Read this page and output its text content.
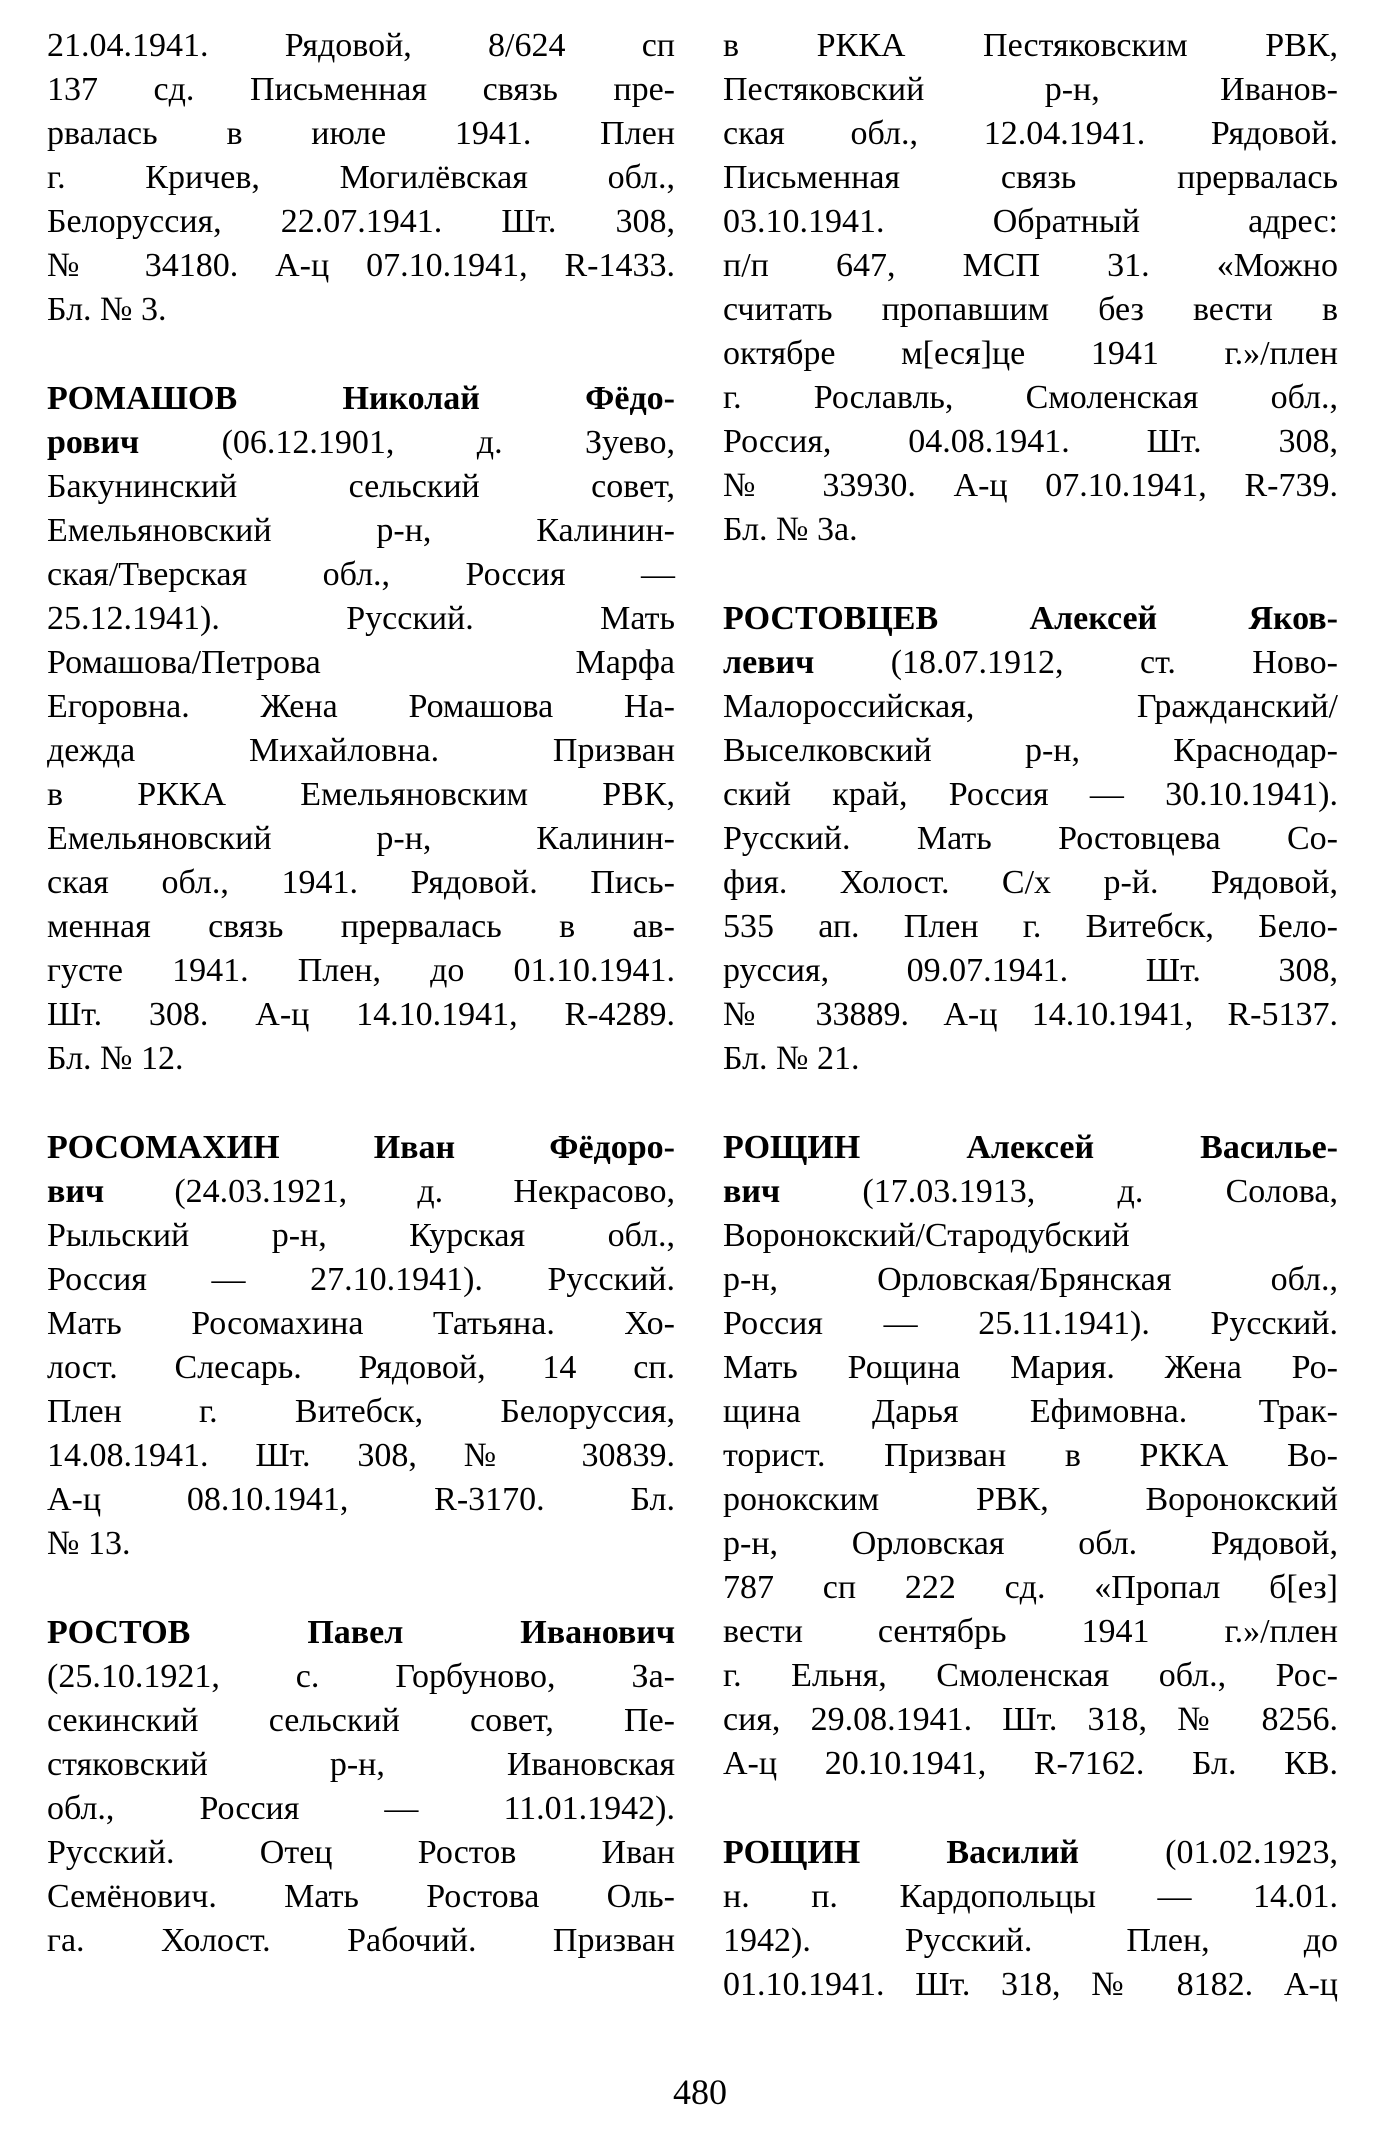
21.04.1941. Рядовой, 8/624 сп
137 сд. Письменная связь пре-
рвалась в июле 1941. Плен
г. Кричев, Могилёвская обл.,
Белоруссия, 22.07.1941. Шт. 308,
№ 34180. А-ц 07.10.1941, R-1433.
Бл. № 3.
РОМАШОВ Николай Фёдо-
рович (06.12.1901, д. Зуево,
Бакунинский сельский совет,
Емельяновский р-н, Калинин-
ская/Тверская обл., Россия —
25.12.1941). Русский. Мать
Ромашова/Петрова Марфа
Егоровна. Жена Ромашова На-
дежда Михайловна. Призван
в РККА Емельяновским РВК,
Емельяновский р-н, Калинин-
ская обл., 1941. Рядовой. Пись-
менная связь прервалась в ав-
густе 1941. Плен, до 01.10.1941.
Шт. 308. А-ц 14.10.1941, R-4289.
Бл. № 12.
РОСОМАХИН Иван Фёдоро-
вич (24.03.1921, д. Некрасово,
Рыльский р-н, Курская обл.,
Россия — 27.10.1941). Русский.
Мать Росомахина Татьяна. Хо-
лост. Слесарь. Рядовой, 14 сп.
Плен г. Витебск, Белоруссия,
14.08.1941. Шт. 308, № 30839.
А-ц 08.10.1941, R-3170. Бл.
№ 13.
РОСТОВ Павел Иванович
(25.10.1921, с. Горбуново, За-
секинский сельский совет, Пе-
стяковский р-н, Ивановская
обл., Россия — 11.01.1942).
Русский. Отец Ростов Иван
Семёнович. Мать Ростова Оль-
га. Холост. Рабочий. Призван
в РККА Пестяковским РВК,
Пестяковский р-н, Иванов-
ская обл., 12.04.1941. Рядовой.
Письменная связь прервалась
03.10.1941. Обратный адрес:
п/п 647, МСП 31. «Можно
считать пропавшим без вести в
октябре м[еся]це 1941 г.»/плен
г. Рославль, Смоленская обл.,
Россия, 04.08.1941. Шт. 308,
№ 33930. А-ц 07.10.1941, R-739.
Бл. № 3а.
РОСТОВЦЕВ Алексей Яков-
левич (18.07.1912, ст. Ново-
Малороссийская, Гражданский/
Выселковский р-н, Краснодар-
ский край, Россия — 30.10.1941).
Русский. Мать Ростовцева Со-
фия. Холост. С/х р-й. Рядовой,
535 ап. Плен г. Витебск, Бело-
руссия, 09.07.1941. Шт. 308,
№ 33889. А-ц 14.10.1941, R-5137.
Бл. № 21.
РОЩИН Алексей Василье-
вич (17.03.1913, д. Солова,
Воронокский/Стародубский
р-н, Орловская/Брянская обл.,
Россия — 25.11.1941). Русский.
Мать Рощина Мария. Жена Ро-
щина Дарья Ефимовна. Трак-
торист. Призван в РККА Во-
ронокским РВК, Воронокский
р-н, Орловская обл. Рядовой,
787 сп 222 сд. «Пропал б[ез]
вести сентябрь 1941 г.»/плен
г. Ельня, Смоленская обл., Рос-
сия, 29.08.1941. Шт. 318, № 8256.
А-ц 20.10.1941, R-7162. Бл. КВ.
РОЩИН Василий (01.02.1923,
н. п. Кардопольцы — 14.01.
1942). Русский. Плен, до
01.10.1941. Шт. 318, № 8182. А-ц
480
